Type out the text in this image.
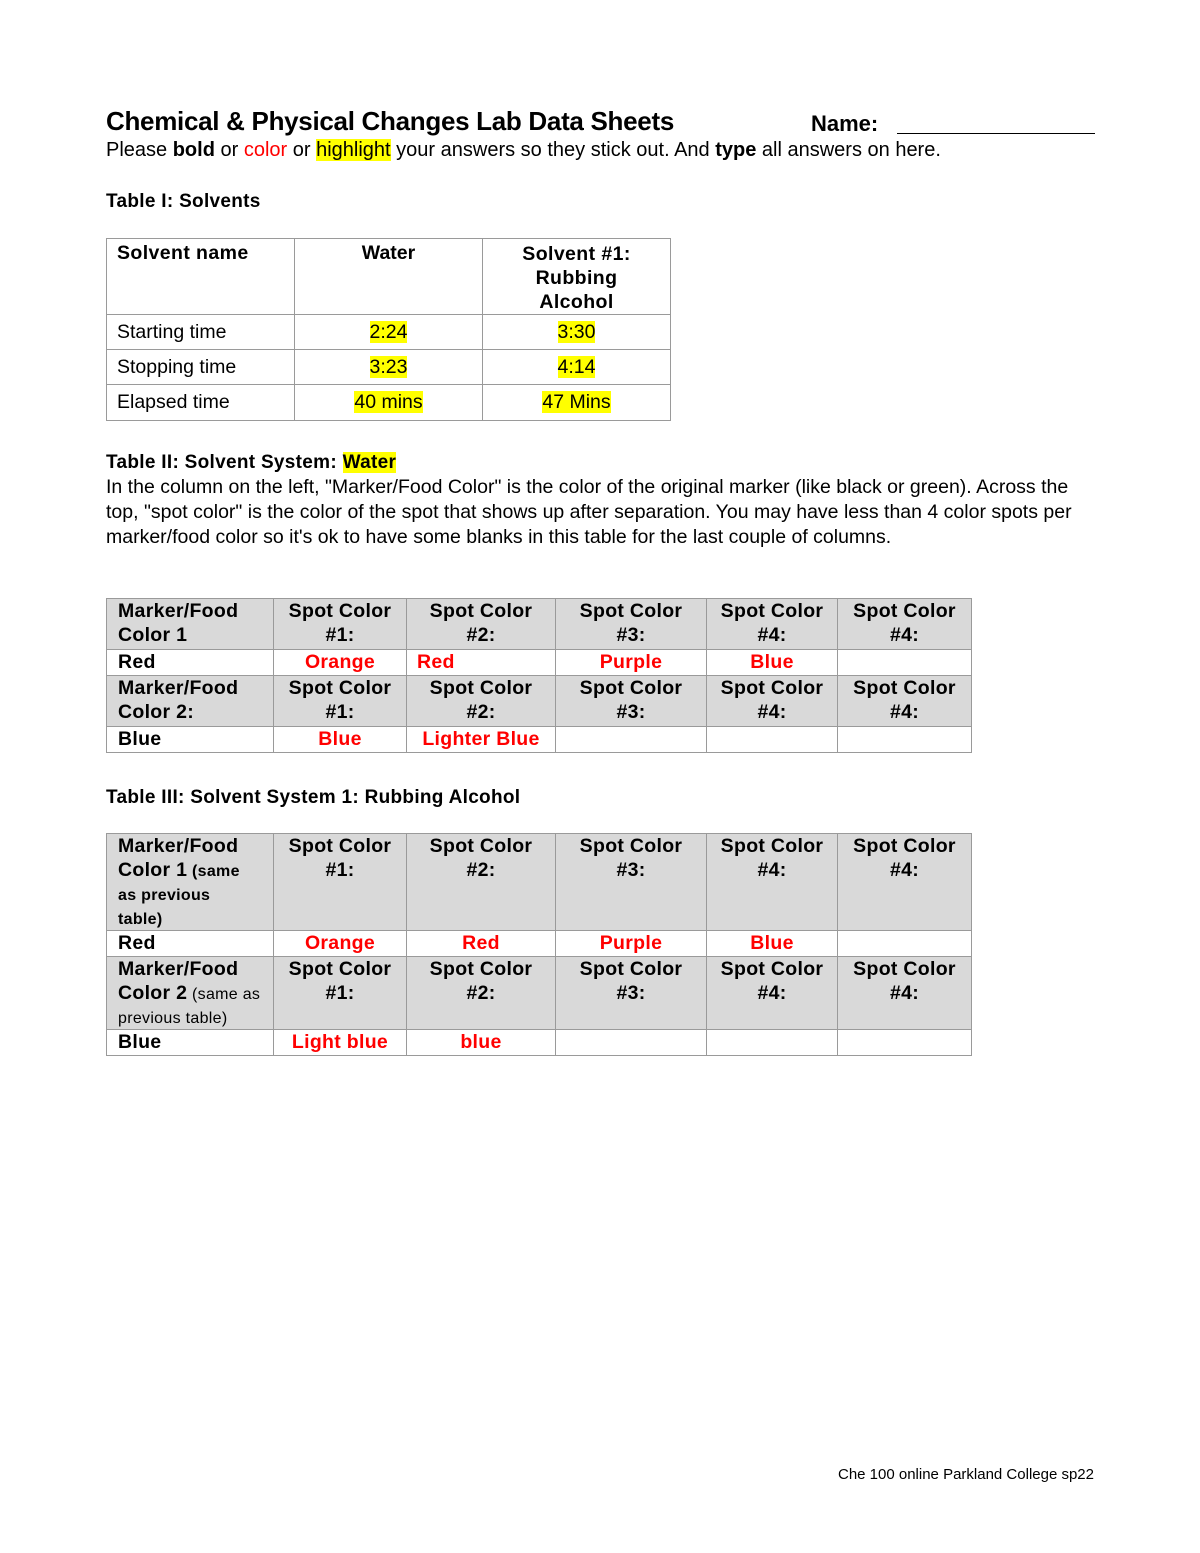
Chemical & Physical Changes Lab Data Sheets	Name:
Please bold or color or highlight your answers so they stick out. And type all answers on here.
Table I: Solvents
Solvent name	Water	Solvent #1: Rubbing Alcohol
Starting time	2:24	3:30
Stopping time	3:23	4:14
Elapsed time	40 mins	47 Mins
Table II: Solvent System: Water
In the column on the left, "Marker/Food Color" is the color of the original marker (like black or green). Across the top, "spot color" is the color of the spot that shows up after separation. You may have less than 4 color spots per marker/food color so it's ok to have some blanks in this table for the last couple of columns.
Marker/Food Color 1	Spot Color #1:	Spot Color #2:	Spot Color #3:	Spot Color #4:	Spot Color #4:
Red	Orange	Red	Purple	Blue	
Marker/Food Color 2:	Spot Color #1:	Spot Color #2:	Spot Color #3:	Spot Color #4:	Spot Color #4:
Blue	Blue	Lighter Blue			
Table III: Solvent System 1: Rubbing Alcohol
Marker/Food Color 1 (same as previous table)	Spot Color #1:	Spot Color #2:	Spot Color #3:	Spot Color #4:	Spot Color #4:
Red	Orange	Red	Purple	Blue	
Marker/Food Color 2 (same as previous table)	Spot Color #1:	Spot Color #2:	Spot Color #3:	Spot Color #4:	Spot Color #4:
Blue	Light blue	blue			
Che 100 online Parkland College sp22
